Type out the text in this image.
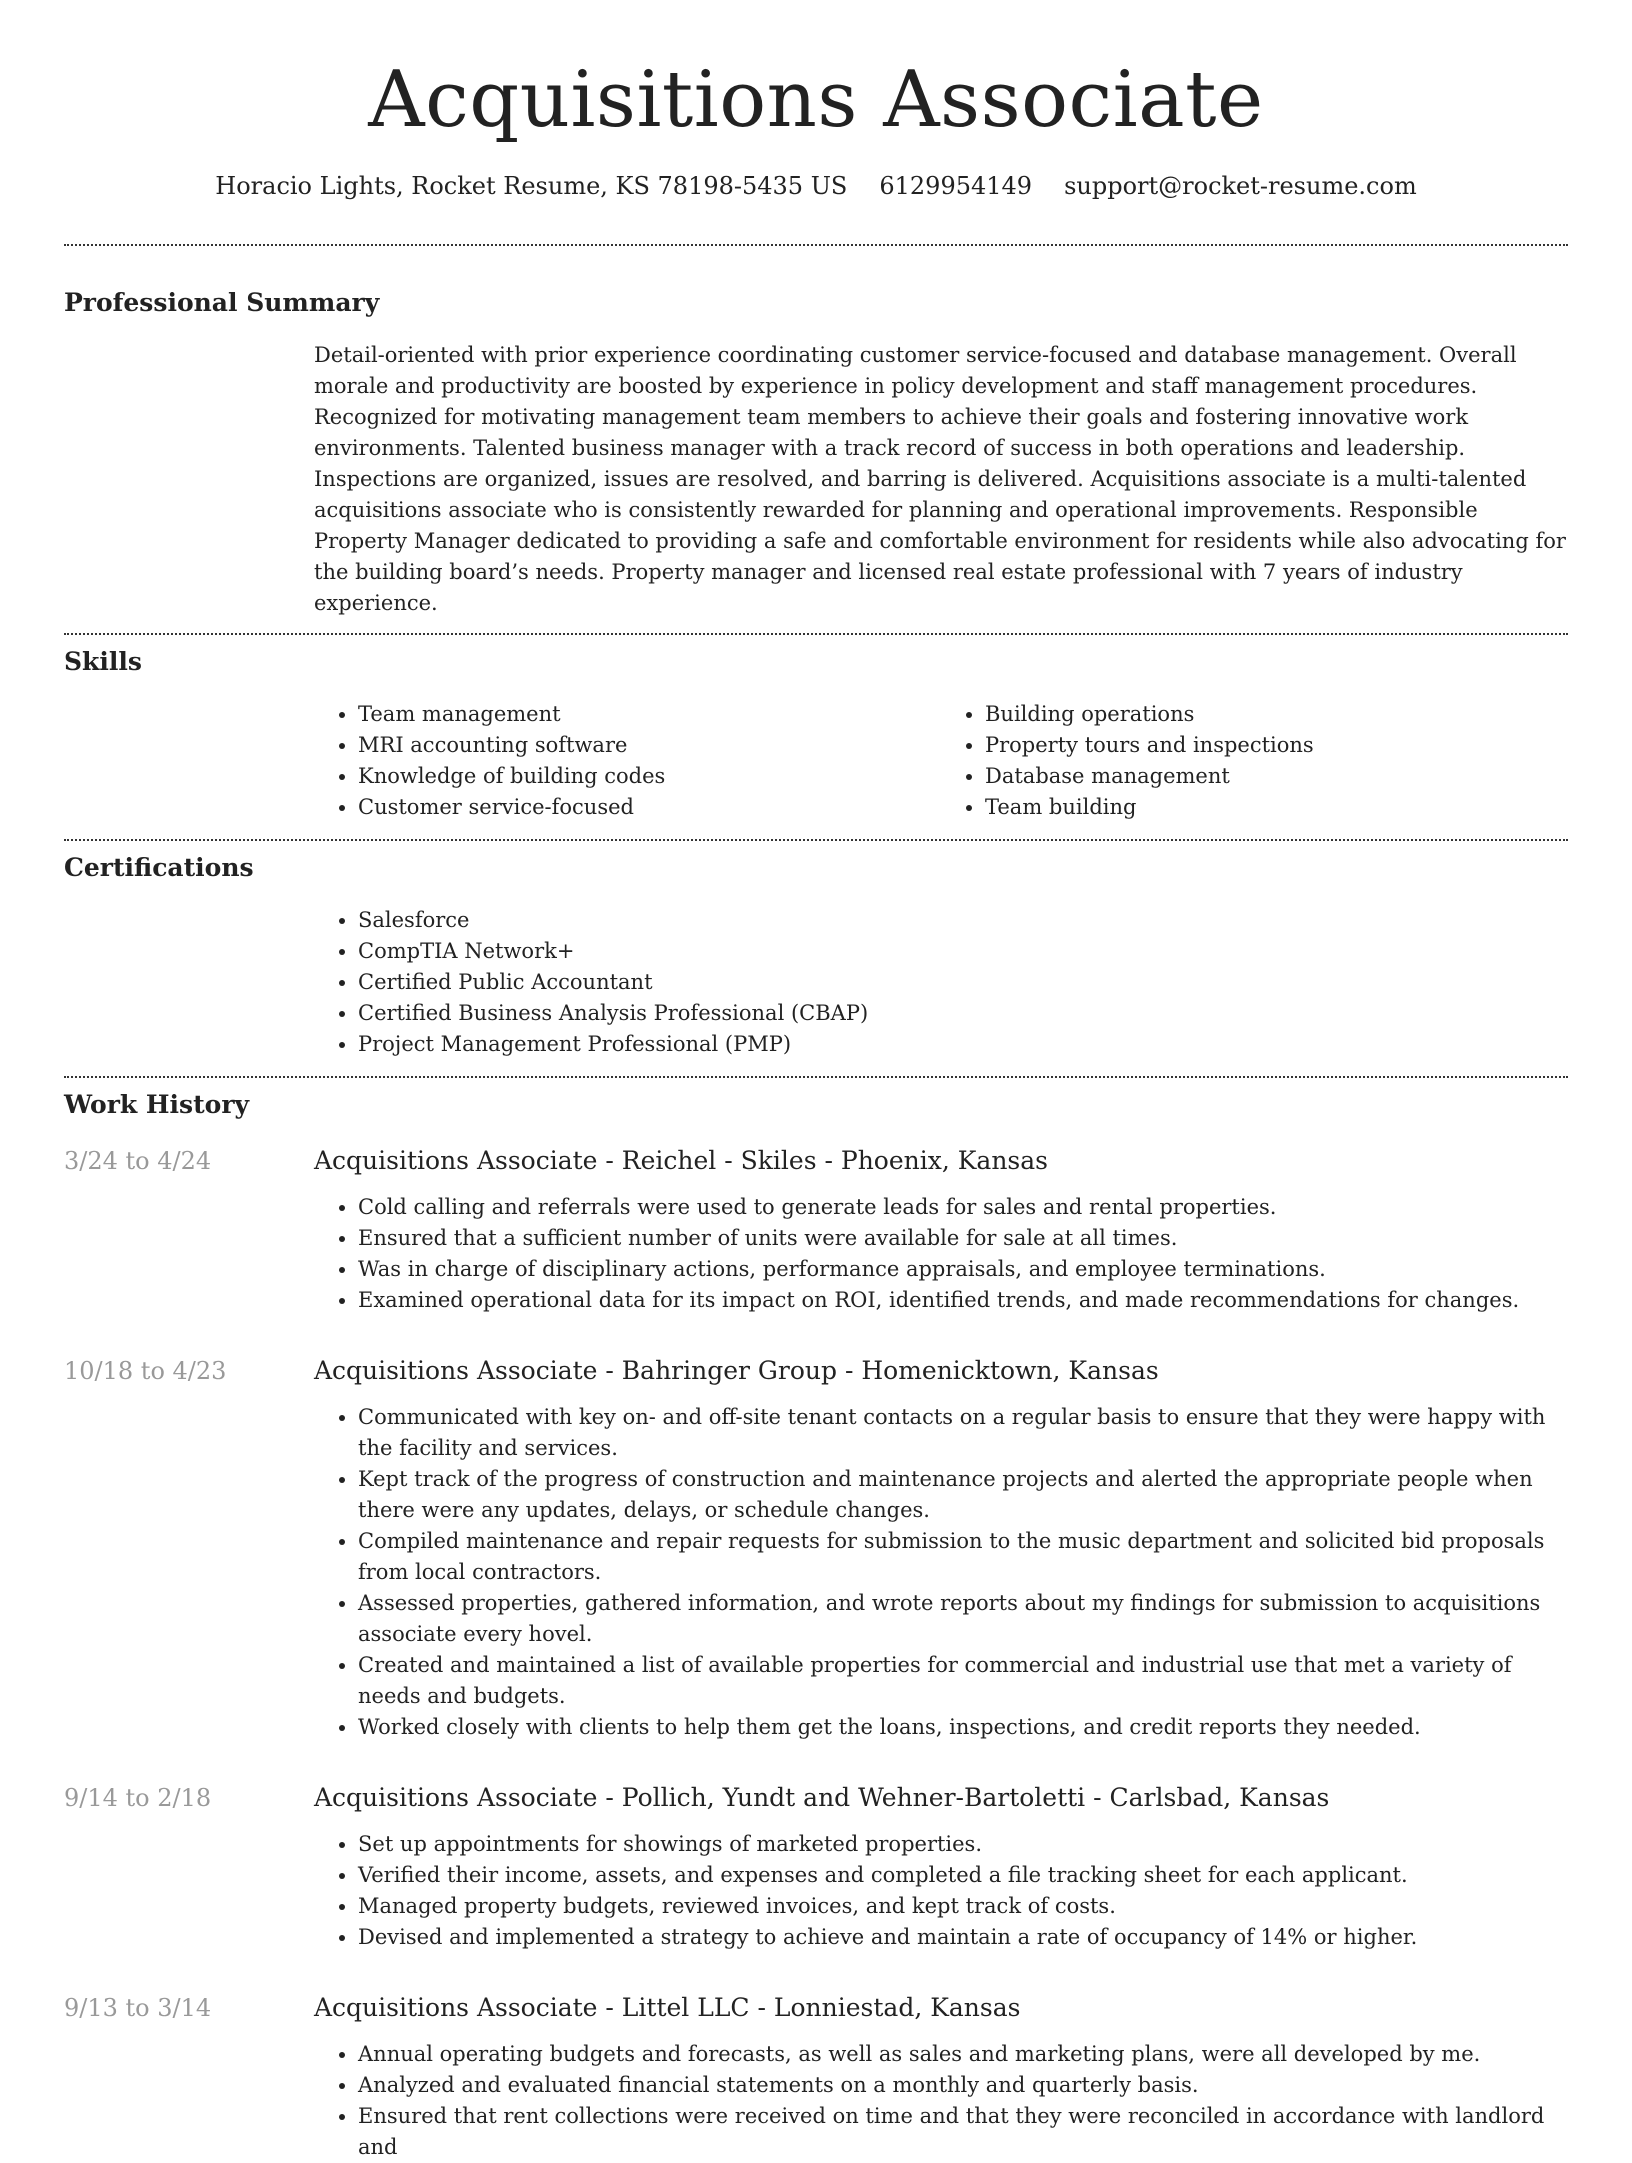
Acquisitions Associate
Horacio Lights, Rocket Resume, KS 78198-5435 US 6129954149 support@rocket-resume.com
Professional Summary

Detail-oriented with prior experience coordinating customer service-focused and database management. Overall morale and productivity are boosted by experience in policy development and staff management procedures. Recognized for motivating management team members to achieve their goals and fostering innovative work environments. Talented business manager with a track record of success in both operations and leadership. Inspections are organized, issues are resolved, and barring is delivered. Acquisitions associate is a multi-talented acquisitions associate who is consistently rewarded for planning and operational improvements. Responsible Property Manager dedicated to providing a safe and comfortable environment for residents while also advocating for the building board’s needs. Property manager and licensed real estate professional with 7 years of industry experience.

Skills
• Team management
• MRI accounting software
• Knowledge of building codes
• Customer service-focused
• Building operations
• Property tours and inspections
• Database management
• Team building
Certifications
• Salesforce
• CompTIA Network+
• Certified Public Accountant
• Certified Business Analysis Professional (CBAP)
• Project Management Professional (PMP)
Work History
3/24 to 4/24	Acquisitions Associate - Reichel - Skiles - Phoenix, Kansas
• Cold calling and referrals were used to generate leads for sales and rental properties.
• Ensured that a sufficient number of units were available for sale at all times.
• Was in charge of disciplinary actions, performance appraisals, and employee terminations.
• Examined operational data for its impact on ROI, identified trends, and made recommendations for changes.
10/18 to 4/23	Acquisitions Associate - Bahringer Group - Homenicktown, Kansas
• Communicated with key on- and off-site tenant contacts on a regular basis to ensure that they were happy with the facility and services.
• Kept track of the progress of construction and maintenance projects and alerted the appropriate people when there were any updates, delays, or schedule changes.
• Compiled maintenance and repair requests for submission to the music department and solicited bid proposals from local contractors.
• Assessed properties, gathered information, and wrote reports about my findings for submission to acquisitions associate every hovel.
• Created and maintained a list of available properties for commercial and industrial use that met a variety of needs and budgets.
• Worked closely with clients to help them get the loans, inspections, and credit reports they needed.
9/14 to 2/18	Acquisitions Associate - Pollich, Yundt and Wehner-Bartoletti - Carlsbad, Kansas
• Set up appointments for showings of marketed properties.
• Verified their income, assets, and expenses and completed a file tracking sheet for each applicant.
• Managed property budgets, reviewed invoices, and kept track of costs.
• Devised and implemented a strategy to achieve and maintain a rate of occupancy of 14% or higher.
9/13 to 3/14	Acquisitions Associate - Littel LLC - Lonniestad, Kansas
• Annual operating budgets and forecasts, as well as sales and marketing plans, were all developed by me.
• Analyzed and evaluated financial statements on a monthly and quarterly basis.
• Ensured that rent collections were received on time and that they were reconciled in accordance with landlord and
